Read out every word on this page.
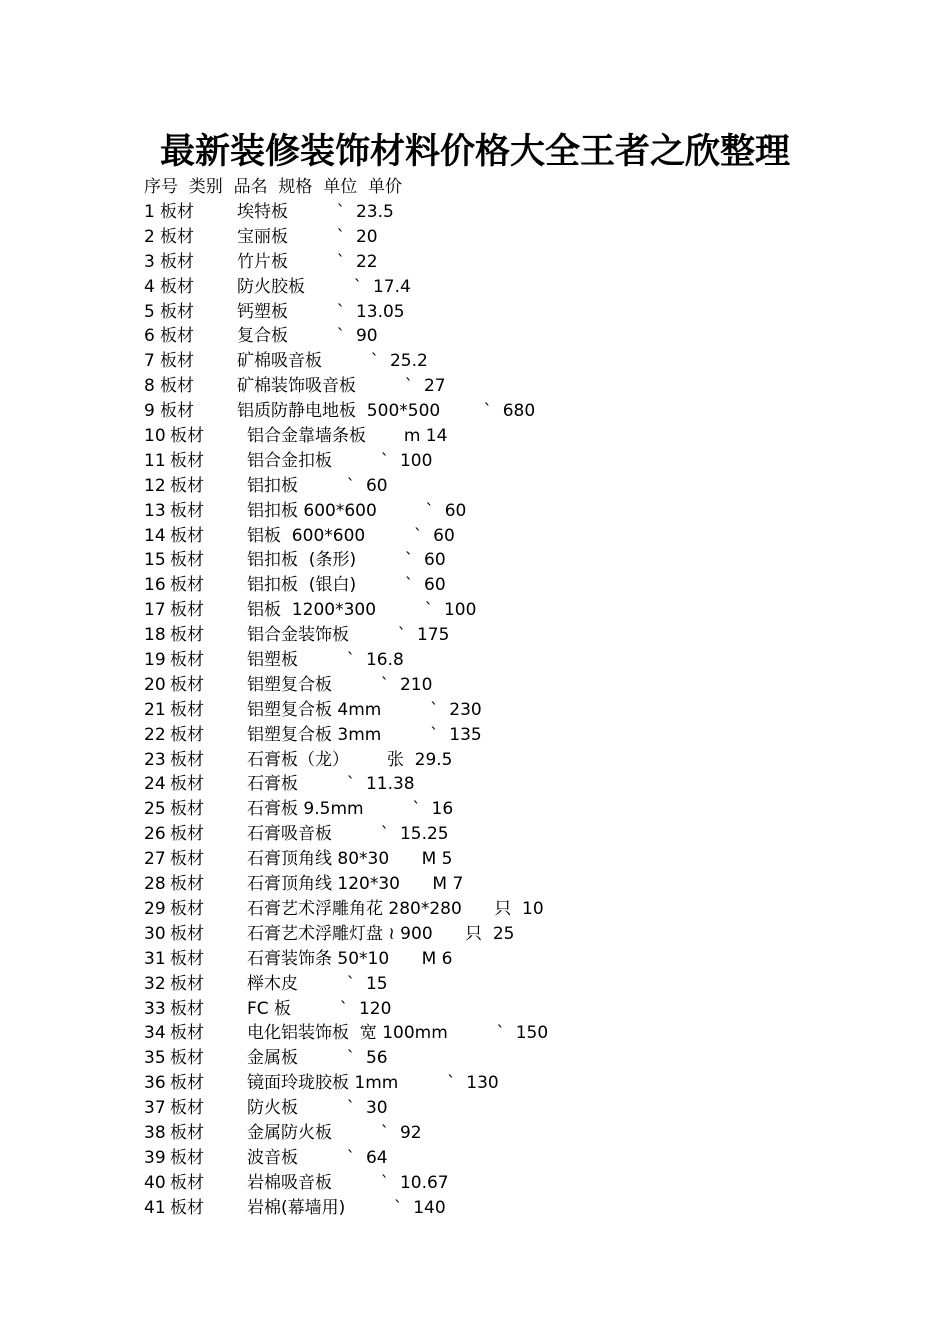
最新装修装饰材料价格大全王者之欣整理
序号  类别  品名  规格  单位  单价
1 板材	埃特板         `  23.5
2 板材	宝丽板         `  20
3 板材	竹片板         `  22
4 板材	防火胶板         `  17.4
5 板材	钙塑板         `  13.05
6 板材	复合板         `  90
7 板材	矿棉吸音板         `  25.2
8 板材	矿棉装饰吸音板         `  27
9 板材	铝质防静电地板  500*500        `  680
10 板材	铝合金靠墙条板       m 14
11 板材	铝合金扣板         `  100
12 板材	铝扣板         `  60
13 板材	铝扣板 600*600         `  60
14 板材	铝板  600*600         `  60
15 板材	铝扣板  (条形)         `  60
16 板材	铝扣板  (银白)         `  60
17 板材	铝板  1200*300         `  100
18 板材	铝合金装饰板         `  175
19 板材	铝塑板         `  16.8
20 板材	铝塑复合板         `  210
21 板材	铝塑复合板 4mm         `  230
22 板材	铝塑复合板 3mm         `  135
23 板材	石膏板（龙）       张  29.5
24 板材	石膏板         `  11.38
25 板材	石膏板 9.5mm         `  16
26 板材	石膏吸音板         `  15.25
27 板材	石膏顶角线 80*30      M 5
28 板材	石膏顶角线 120*30      M 7
29 板材	石膏艺术浮雕角花 280*280      只  10
30 板材	石膏艺术浮雕灯盘 ≀ 900      只  25
31 板材	石膏装饰条 50*10      M 6
32 板材	榉木皮         `  15
33 板材	FC 板         `  120
34 板材	电化铝装饰板  宽 100mm         `  150
35 板材	金属板         `  56
36 板材	镜面玲珑胶板 1mm         `  130
37 板材	防火板         `  30
38 板材	金属防火板         `  92
39 板材	波音板         `  64
40 板材	岩棉吸音板         `  10.67
41 板材	岩棉(幕墙用)         `  140
